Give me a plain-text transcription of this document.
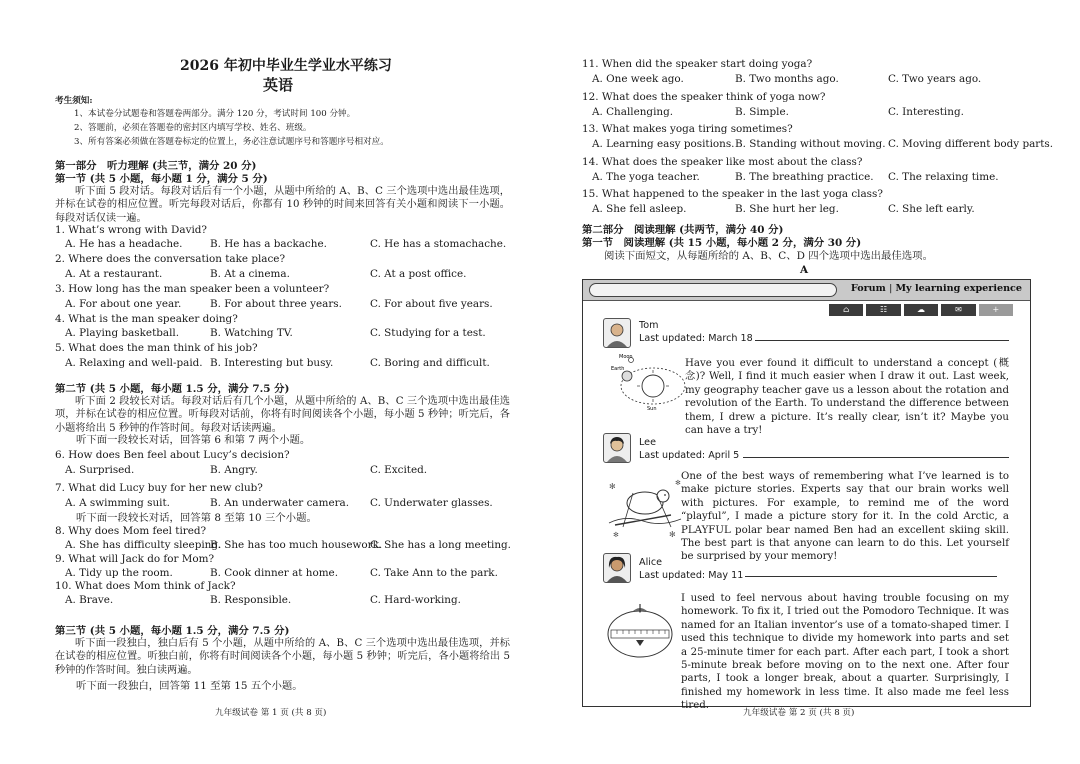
2026 年初中毕业生学业水平练习
英语
考生须知:
1、本试卷分试题卷和答题卷两部分。满分 120 分，考试时间 100 分钟。
2、答题前，必须在答题卷的密封区内填写学校、姓名、班级。
3、所有答案必须做在答题卷标定的位置上，务必注意试题序号和答题序号相对应。
第一部分　听力理解 (共三节，满分 20 分)
第一节 (共 5 小题，每小题 1 分，满分 5 分)
听下面 5 段对话。每段对话后有一个小题，从题中所给的 A、B、C 三个选项中选出最佳选项，并标在试卷的相应位置。听完每段对话后，你都有 10 秒钟的时间来回答有关小题和阅读下一小题。每段对话仅读一遍。
1. What’s wrong with David?
A. He has a headache.	B. He has a backache.	C. He has a stomachache.
2. Where does the conversation take place?
A. At a restaurant.	B. At a cinema.	C. At a post office.
3. How long has the man speaker been a volunteer?
A. For about one year.	B. For about three years.	C. For about five years.
4. What is the man speaker doing?
A. Playing basketball.	B. Watching TV.	C. Studying for a test.
5. What does the man think of his job?
A. Relaxing and well-paid. B. Interesting but busy.	C. Boring and difficult.
第二节 (共 5 小题，每小题 1.5 分，满分 7.5 分)
听下面 2 段较长对话。每段对话后有几个小题，从题中所给的 A、B、C 三个选项中选出最佳选项，并标在试卷的相应位置。听每段对话前，你将有时间阅读各个小题，每小题 5 秒钟；听完后，各小题将给出 5 秒钟的作答时间。每段对话读两遍。
听下面一段较长对话，回答第 6 和第 7 两个小题。
6. How does Ben feel about Lucy’s decision?
A. Surprised.	B. Angry.	C. Excited.
7. What did Lucy buy for her new club?
A. A swimming suit.	B. An underwater camera. C. Underwater glasses.
8. Why does Mom feel tired?
A. She has difficulty sleeping.
B. She has too much housework.
C. She has a long meeting.
9. What will Jack do for Mom?
A. Tidy up the room.	B. Cook dinner at home.	C. Take Ann to the park.
10. What does Mom think of Jack?
A. Brave.	B. Responsible.	C. Hard-working.
听下面一段较长对话，回答第 8 至第 10 三个小题。
第三节 (共 5 小题，每小题 1.5 分，满分 7.5 分)
听下面一段独白，独白后有 5 个小题，从题中所给的 A、B、C 三个选项中选出最佳选项，并标在试卷的相应位置。听独白前，你将有时间阅读各个小题，每小题 5 秒钟；听完后，各小题将给出 5 秒钟的作答时间。独白读两遍。
听下面一段独白，回答第 11 至第 15 五个小题。
九年级试卷 第 1 页 (共 8 页)
11. When did the speaker start doing yoga?
A. One week ago.	B. Two months ago.	C. Two years ago.
12. What does the speaker think of yoga now?
A. Challenging.	B. Simple.	C. Interesting.
13. What makes yoga tiring sometimes?
A. Learning easy positions. B. Standing without moving. C. Moving different body parts.
14. What does the speaker like most about the class?
A. The yoga teacher.	B. The breathing practice. C. The relaxing time.
15. What happened to the speaker in the last yoga class?
A. She fell asleep.	B. She hurt her leg.	C. She left early.
第二部分　阅读理解 (共两节，满分 40 分)
第一节　阅读理解 (共 15 小题，每小题 2 分，满分 30 分)
阅读下面短文，从每题所给的 A、B、C、D 四个选项中选出最佳选项。
A
Forum | My learning experience
⌂	☷	☁	✉	+
Tom
Last updated: March 18
Moon
Earth
Sun
Have you ever found it difficult to understand a concept (概念)? Well, I find it much easier when I draw it out. Last week, my geography teacher gave us a lesson about the rotation and revolution of the Earth. To understand the difference between them, I drew a picture. It’s really clear, isn’t it? Maybe you can have a try!
Lee
Last updated: April 5
✻	✻
✻	✻
One of the best ways of remembering what I’ve learned is to make picture stories. Experts say that our brain works well with pictures. For example, to remind me of the word “playful”, I made a picture story for it. In the cold Arctic, a PLAYFUL polar bear named Ben had an excellent skiing skill. The best part is that anyone can learn to do this. Let yourself be surprised by your memory!
Alice
Last updated: May 11
I used to feel nervous about having trouble focusing on my homework. To fix it, I tried out the Pomodoro Technique. It was named for an Italian inventor’s use of a tomato-shaped timer. I used this technique to divide my homework into parts and set a 25-minute timer for each part. After each part, I took a short 5-minute break before moving on to the next one. After four parts, I took a longer break, about a quarter. Surprisingly, I finished my homework in less time. It also made me feel less tired.
九年级试卷 第 2 页 (共 8 页)
